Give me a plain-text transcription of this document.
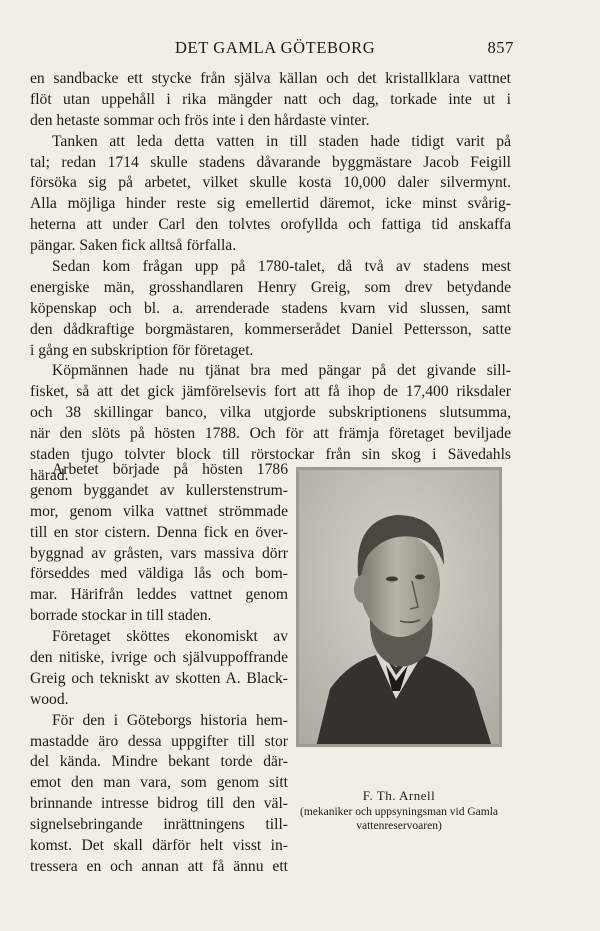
DET GAMLA GÖTEBORG	857
en sandbacke ett stycke från själva källan och det kristallklara vattnet
flöt utan uppehåll i rika mängder natt och dag, torkade inte ut i
den hetaste sommar och frös inte i den hårdaste vinter.
Tanken att leda detta vatten in till staden hade tidigt varit på
tal; redan 1714 skulle stadens dåvarande byggmästare Jacob Feigill
försöka sig på arbetet, vilket skulle kosta 10,000 daler silvermynt.
Alla möjliga hinder reste sig emellertid däremot, icke minst svårig-
heterna att under Carl den tolvtes orofyllda och fattiga tid anskaffa
pängar. Saken fick alltså förfalla.
Sedan kom frågan upp på 1780-talet, då två av stadens mest
energiske män, grosshandlaren Henry Greig, som drev betydande
köpenskap och bl. a. arrenderade stadens kvarn vid slussen, samt
den dådkraftige borgmästaren, kommerserådet Daniel Pettersson, satte
i gång en subskription för företaget.
Köpmännen hade nu tjänat bra med pängar på det givande sill-
fisket, så att det gick jämförelsevis fort att få ihop de 17,400 riksdaler
och 38 skillingar banco, vilka utgjorde subskriptionens slutsumma,
när den slöts på hösten 1788. Och för att främja företaget beviljade
staden tjugo tolvter block till rörstockar från sin skog i Sävedahls
härad.
Arbetet började på hösten 1786
genom byggandet av kullerstenstrum-
mor, genom vilka vattnet strömmade
till en stor cistern. Denna fick en över-
byggnad av gråsten, vars massiva dörr
förseddes med väldiga lås och bom-
mar. Härifrån leddes vattnet genom
borrade stockar in till staden.
Företaget sköttes ekonomiskt av
den nitiske, ivrige och självuppoffrande
Greig och tekniskt av skotten A. Black-
wood.
För den i Göteborgs historia hem-
mastadde äro dessa uppgifter till stor
del kända. Mindre bekant torde där-
emot den man vara, som genom sitt
brinnande intresse bidrog till den väl-
signelsebringande inrättningens till-
komst. Det skall därför helt visst in-
tressera en och annan att få ännu ett
F. Th. Arnell
(mekaniker och uppsyningsman vid Gamla
vattenreservoaren)
